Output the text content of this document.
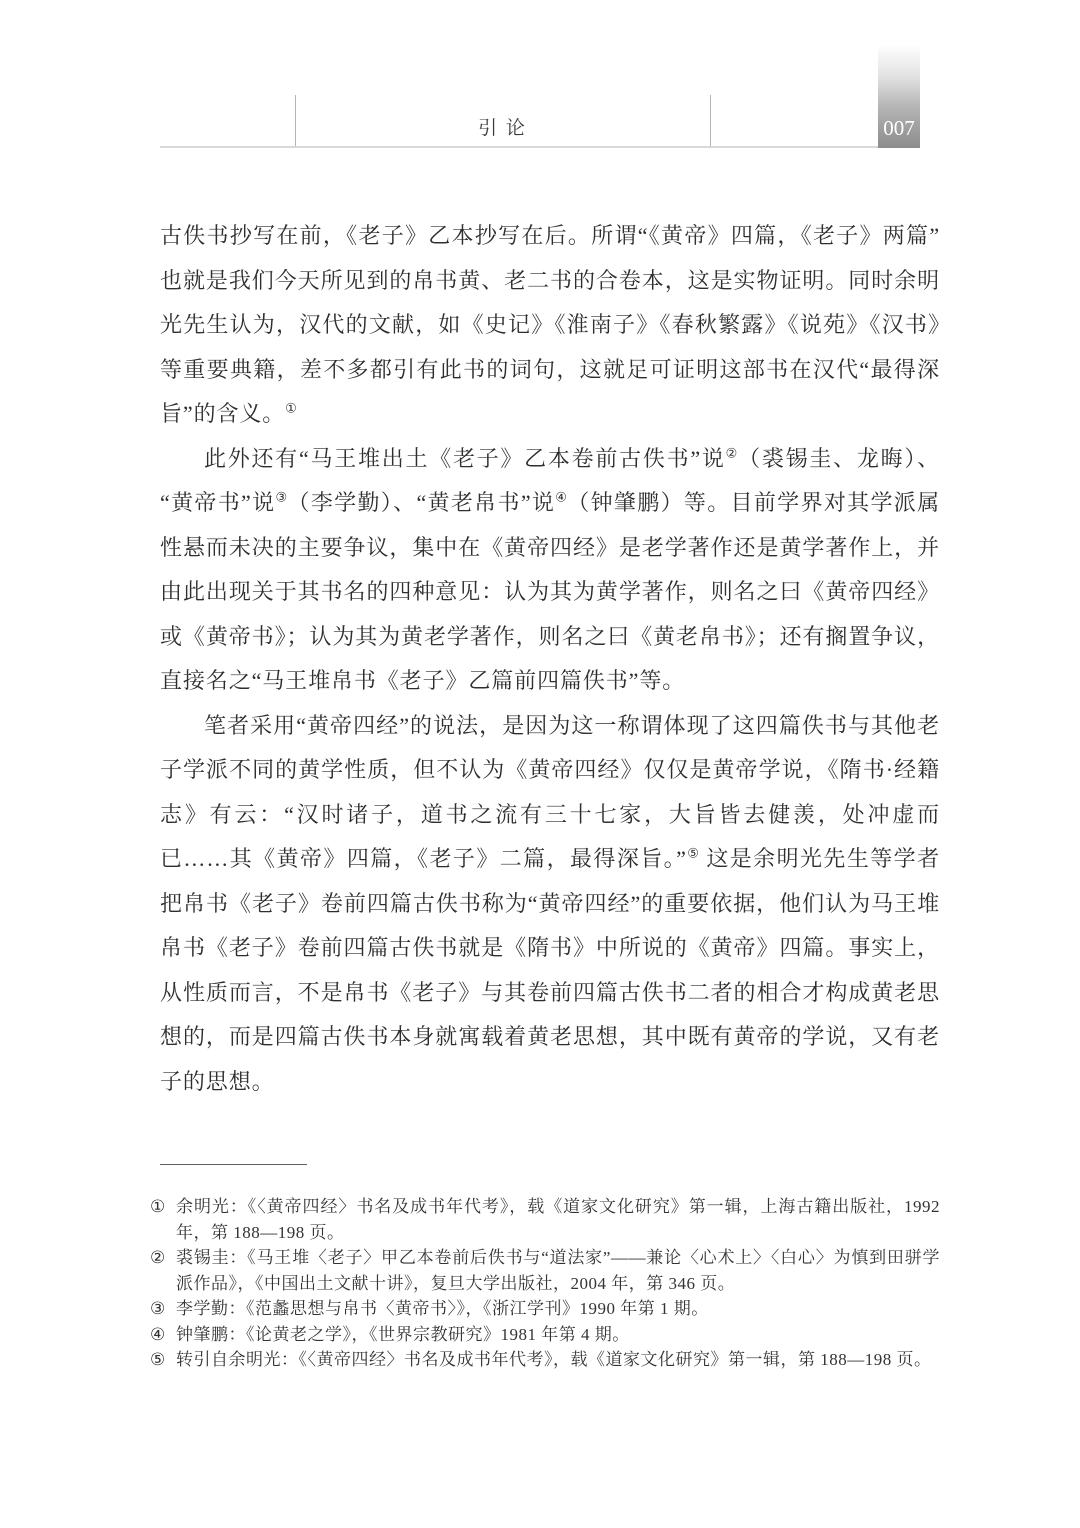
引 论	007

古佚书抄写在前，《老子》乙本抄写在后。所谓“《黄帝》四篇，《老子》两篇”也就是我们今天所见到的帛书黄、老二书的合卷本，这是实物证明。同时余明光先生认为，汉代的文献，如《史记》《淮南子》《春秋繁露》《说苑》《汉书》等重要典籍，差不多都引有此书的词句，这就足可证明这部书在汉代“最得深旨”的含义。①

此外还有“马王堆出土《老子》乙本卷前古佚书”说②（裘锡圭、龙晦）、“黄帝书”说③（李学勤）、“黄老帛书”说④（钟肇鹏）等。目前学界对其学派属性悬而未决的主要争议，集中在《黄帝四经》是老学著作还是黄学著作上，并由此出现关于其书名的四种意见：认为其为黄学著作，则名之曰《黄帝四经》或《黄帝书》；认为其为黄老学著作，则名之曰《黄老帛书》；还有搁置争议，直接名之“马王堆帛书《老子》乙篇前四篇佚书”等。

笔者采用“黄帝四经”的说法，是因为这一称谓体现了这四篇佚书与其他老子学派不同的黄学性质，但不认为《黄帝四经》仅仅是黄帝学说，《隋书·经籍志》有云：“汉时诸子，道书之流有三十七家，大旨皆去健羡，处冲虚而已……其《黄帝》四篇，《老子》二篇，最得深旨。”⑤ 这是余明光先生等学者把帛书《老子》卷前四篇古佚书称为“黄帝四经”的重要依据，他们认为马王堆帛书《老子》卷前四篇古佚书就是《隋书》中所说的《黄帝》四篇。事实上，从性质而言，不是帛书《老子》与其卷前四篇古佚书二者的相合才构成黄老思想的，而是四篇古佚书本身就寓载着黄老思想，其中既有黄帝的学说，又有老子的思想。

① 余明光：《〈黄帝四经〉书名及成书年代考》，载《道家文化研究》第一辑，上海古籍出版社，1992 年，第 188—198 页。
② 裘锡圭：《马王堆〈老子〉甲乙本卷前后佚书与“道法家”——兼论〈心术上〉〈白心〉为慎到田骈学派作品》，《中国出土文献十讲》，复旦大学出版社，2004 年，第 346 页。
③ 李学勤：《范蠡思想与帛书〈黄帝书〉》，《浙江学刊》1990 年第 1 期。
④ 钟肇鹏：《论黄老之学》，《世界宗教研究》1981 年第 4 期。
⑤ 转引自余明光：《〈黄帝四经〉书名及成书年代考》，载《道家文化研究》第一辑，第 188—198 页。
